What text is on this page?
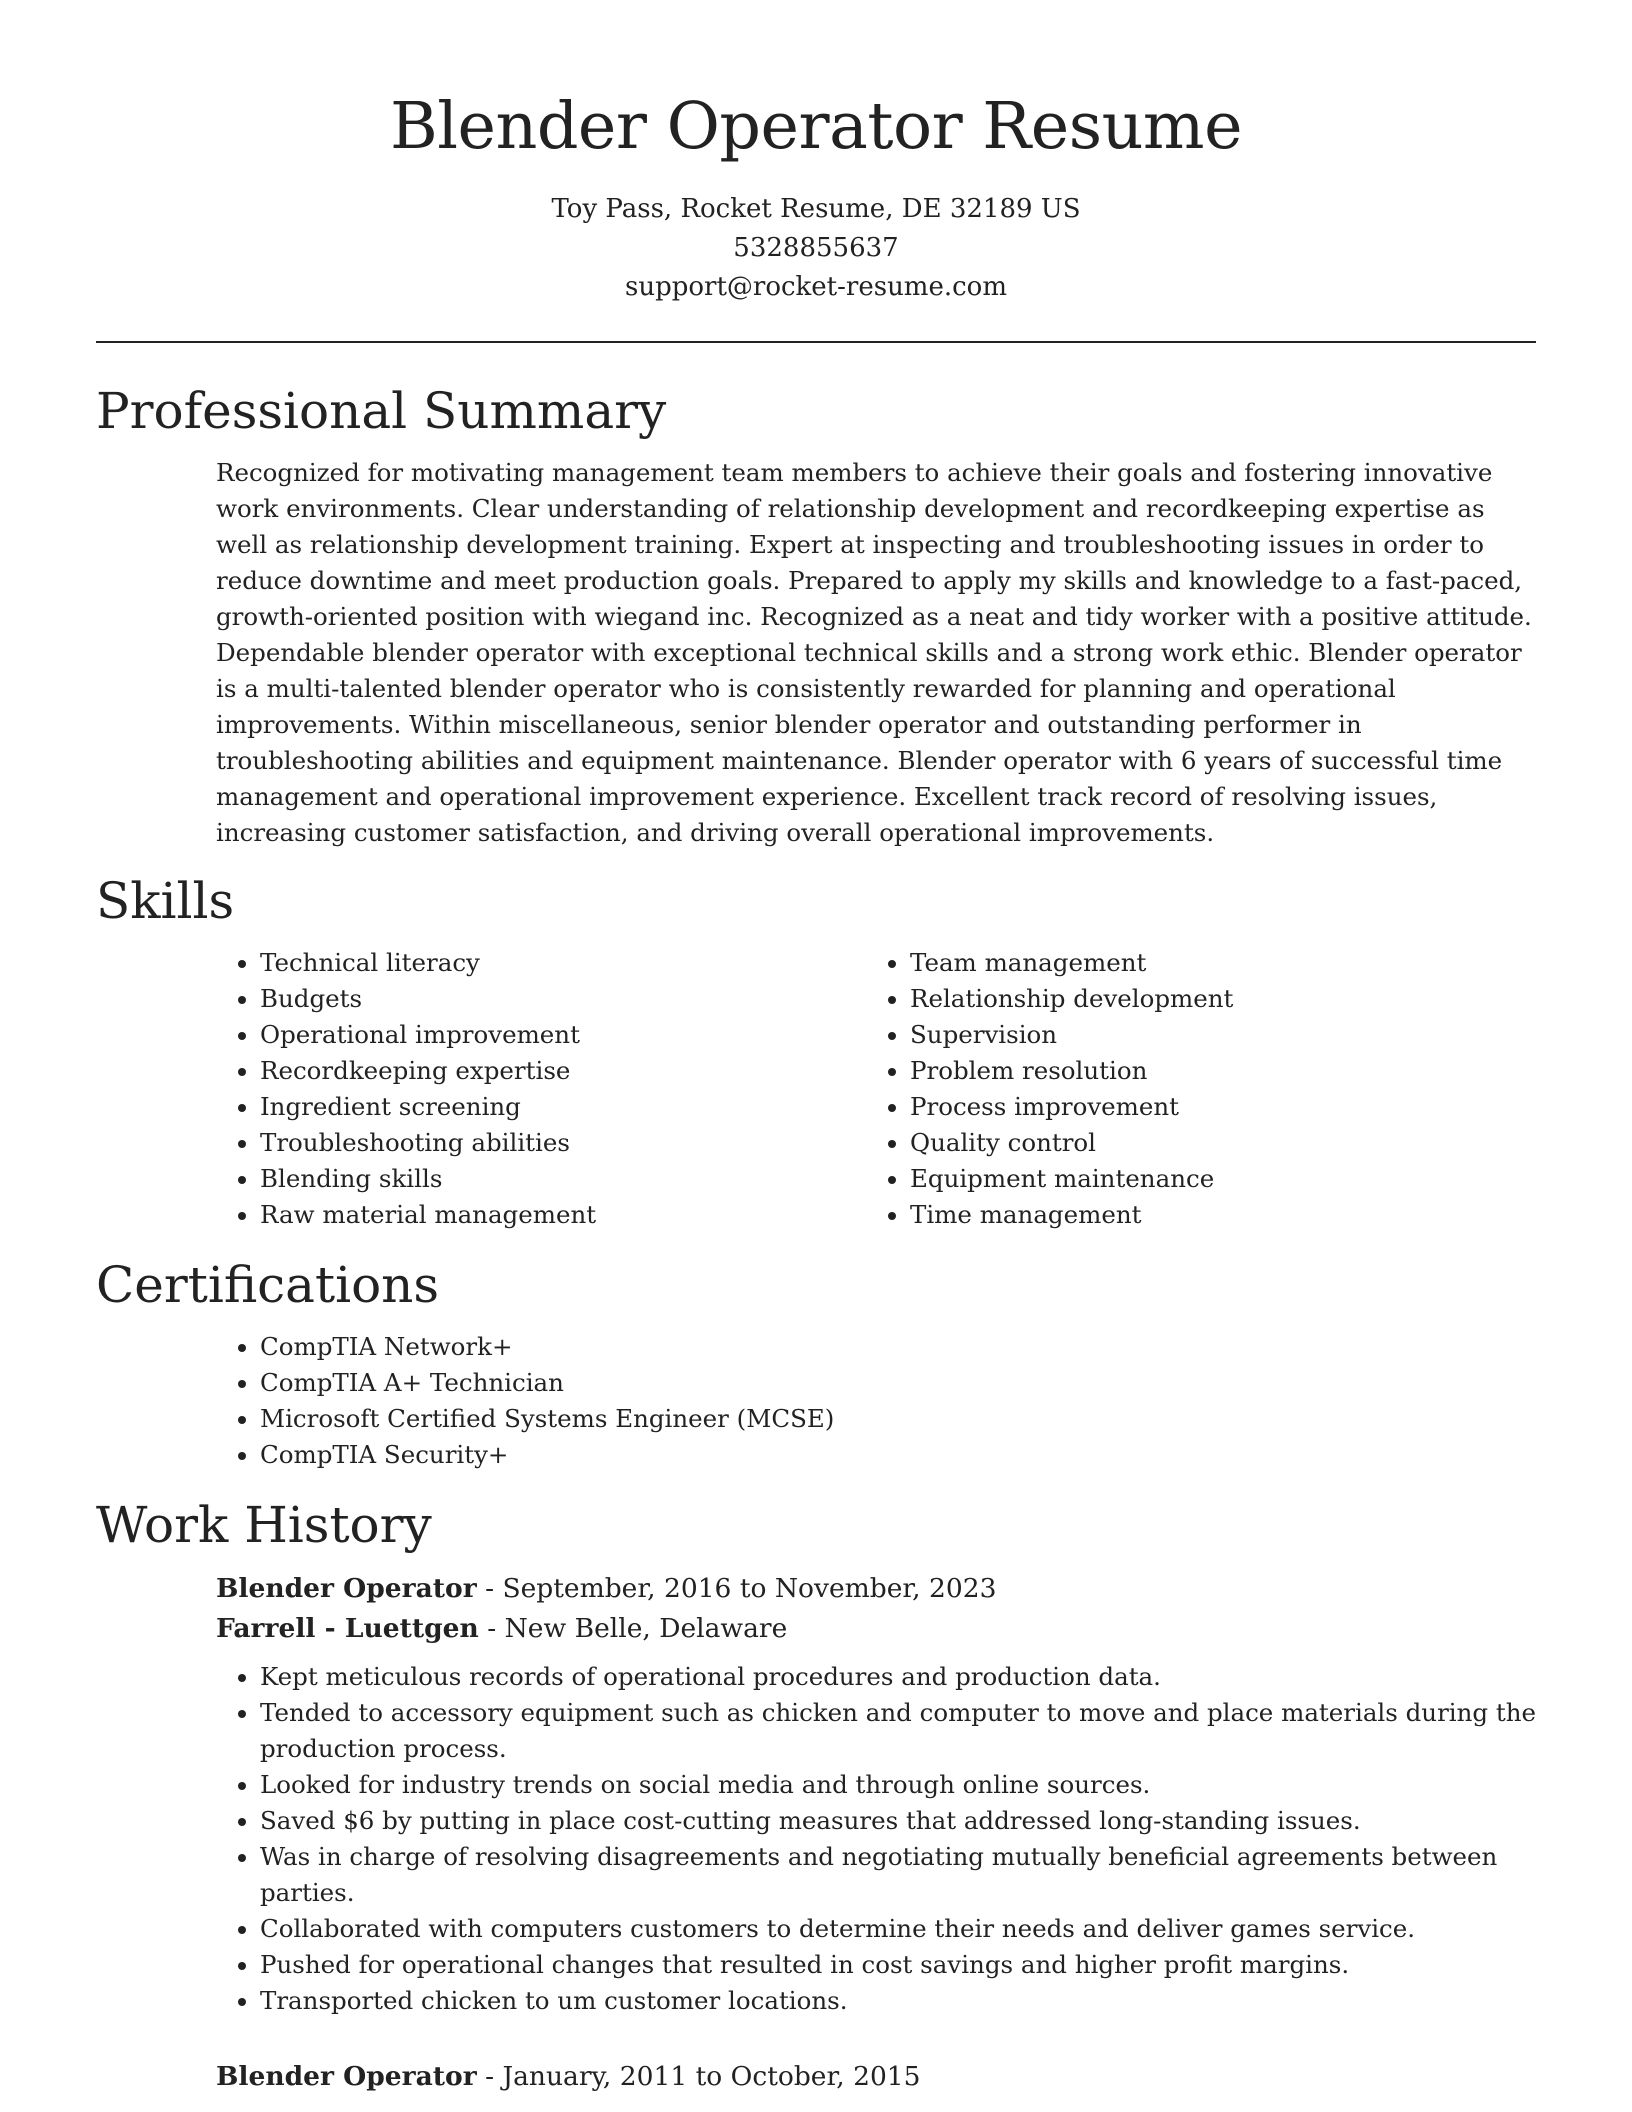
Blender Operator Resume
Toy Pass, Rocket Resume, DE 32189 US
5328855637
support@rocket-resume.com
Professional Summary
Recognized for motivating management team members to achieve their goals and fostering innovative work environments. Clear understanding of relationship development and recordkeeping expertise as well as relationship development training. Expert at inspecting and troubleshooting issues in order to reduce downtime and meet production goals. Prepared to apply my skills and knowledge to a fast-paced, growth-oriented position with wiegand inc. Recognized as a neat and tidy worker with a positive attitude. Dependable blender operator with exceptional technical skills and a strong work ethic. Blender operator is a multi-talented blender operator who is consistently rewarded for planning and operational improvements. Within miscellaneous, senior blender operator and outstanding performer in troubleshooting abilities and equipment maintenance. Blender operator with 6 years of successful time management and operational improvement experience. Excellent track record of resolving issues, increasing customer satisfaction, and driving overall operational improvements.
Skills
• Technical literacy
• Budgets
• Operational improvement
• Recordkeeping expertise
• Ingredient screening
• Troubleshooting abilities
• Blending skills
• Raw material management
• Team management
• Relationship development
• Supervision
• Problem resolution
• Process improvement
• Quality control
• Equipment maintenance
• Time management
Certifications
• CompTIA Network+
• CompTIA A+ Technician
• Microsoft Certified Systems Engineer (MCSE)
• CompTIA Security+
Work History
Blender Operator - September, 2016 to November, 2023
Farrell - Luettgen - New Belle, Delaware
• Kept meticulous records of operational procedures and production data.
• Tended to accessory equipment such as chicken and computer to move and place materials during the production process.
• Looked for industry trends on social media and through online sources.
• Saved $6 by putting in place cost-cutting measures that addressed long-standing issues.
• Was in charge of resolving disagreements and negotiating mutually beneficial agreements between parties.
• Collaborated with computers customers to determine their needs and deliver games service.
• Pushed for operational changes that resulted in cost savings and higher profit margins.
• Transported chicken to um customer locations.
Blender Operator - January, 2011 to October, 2015
